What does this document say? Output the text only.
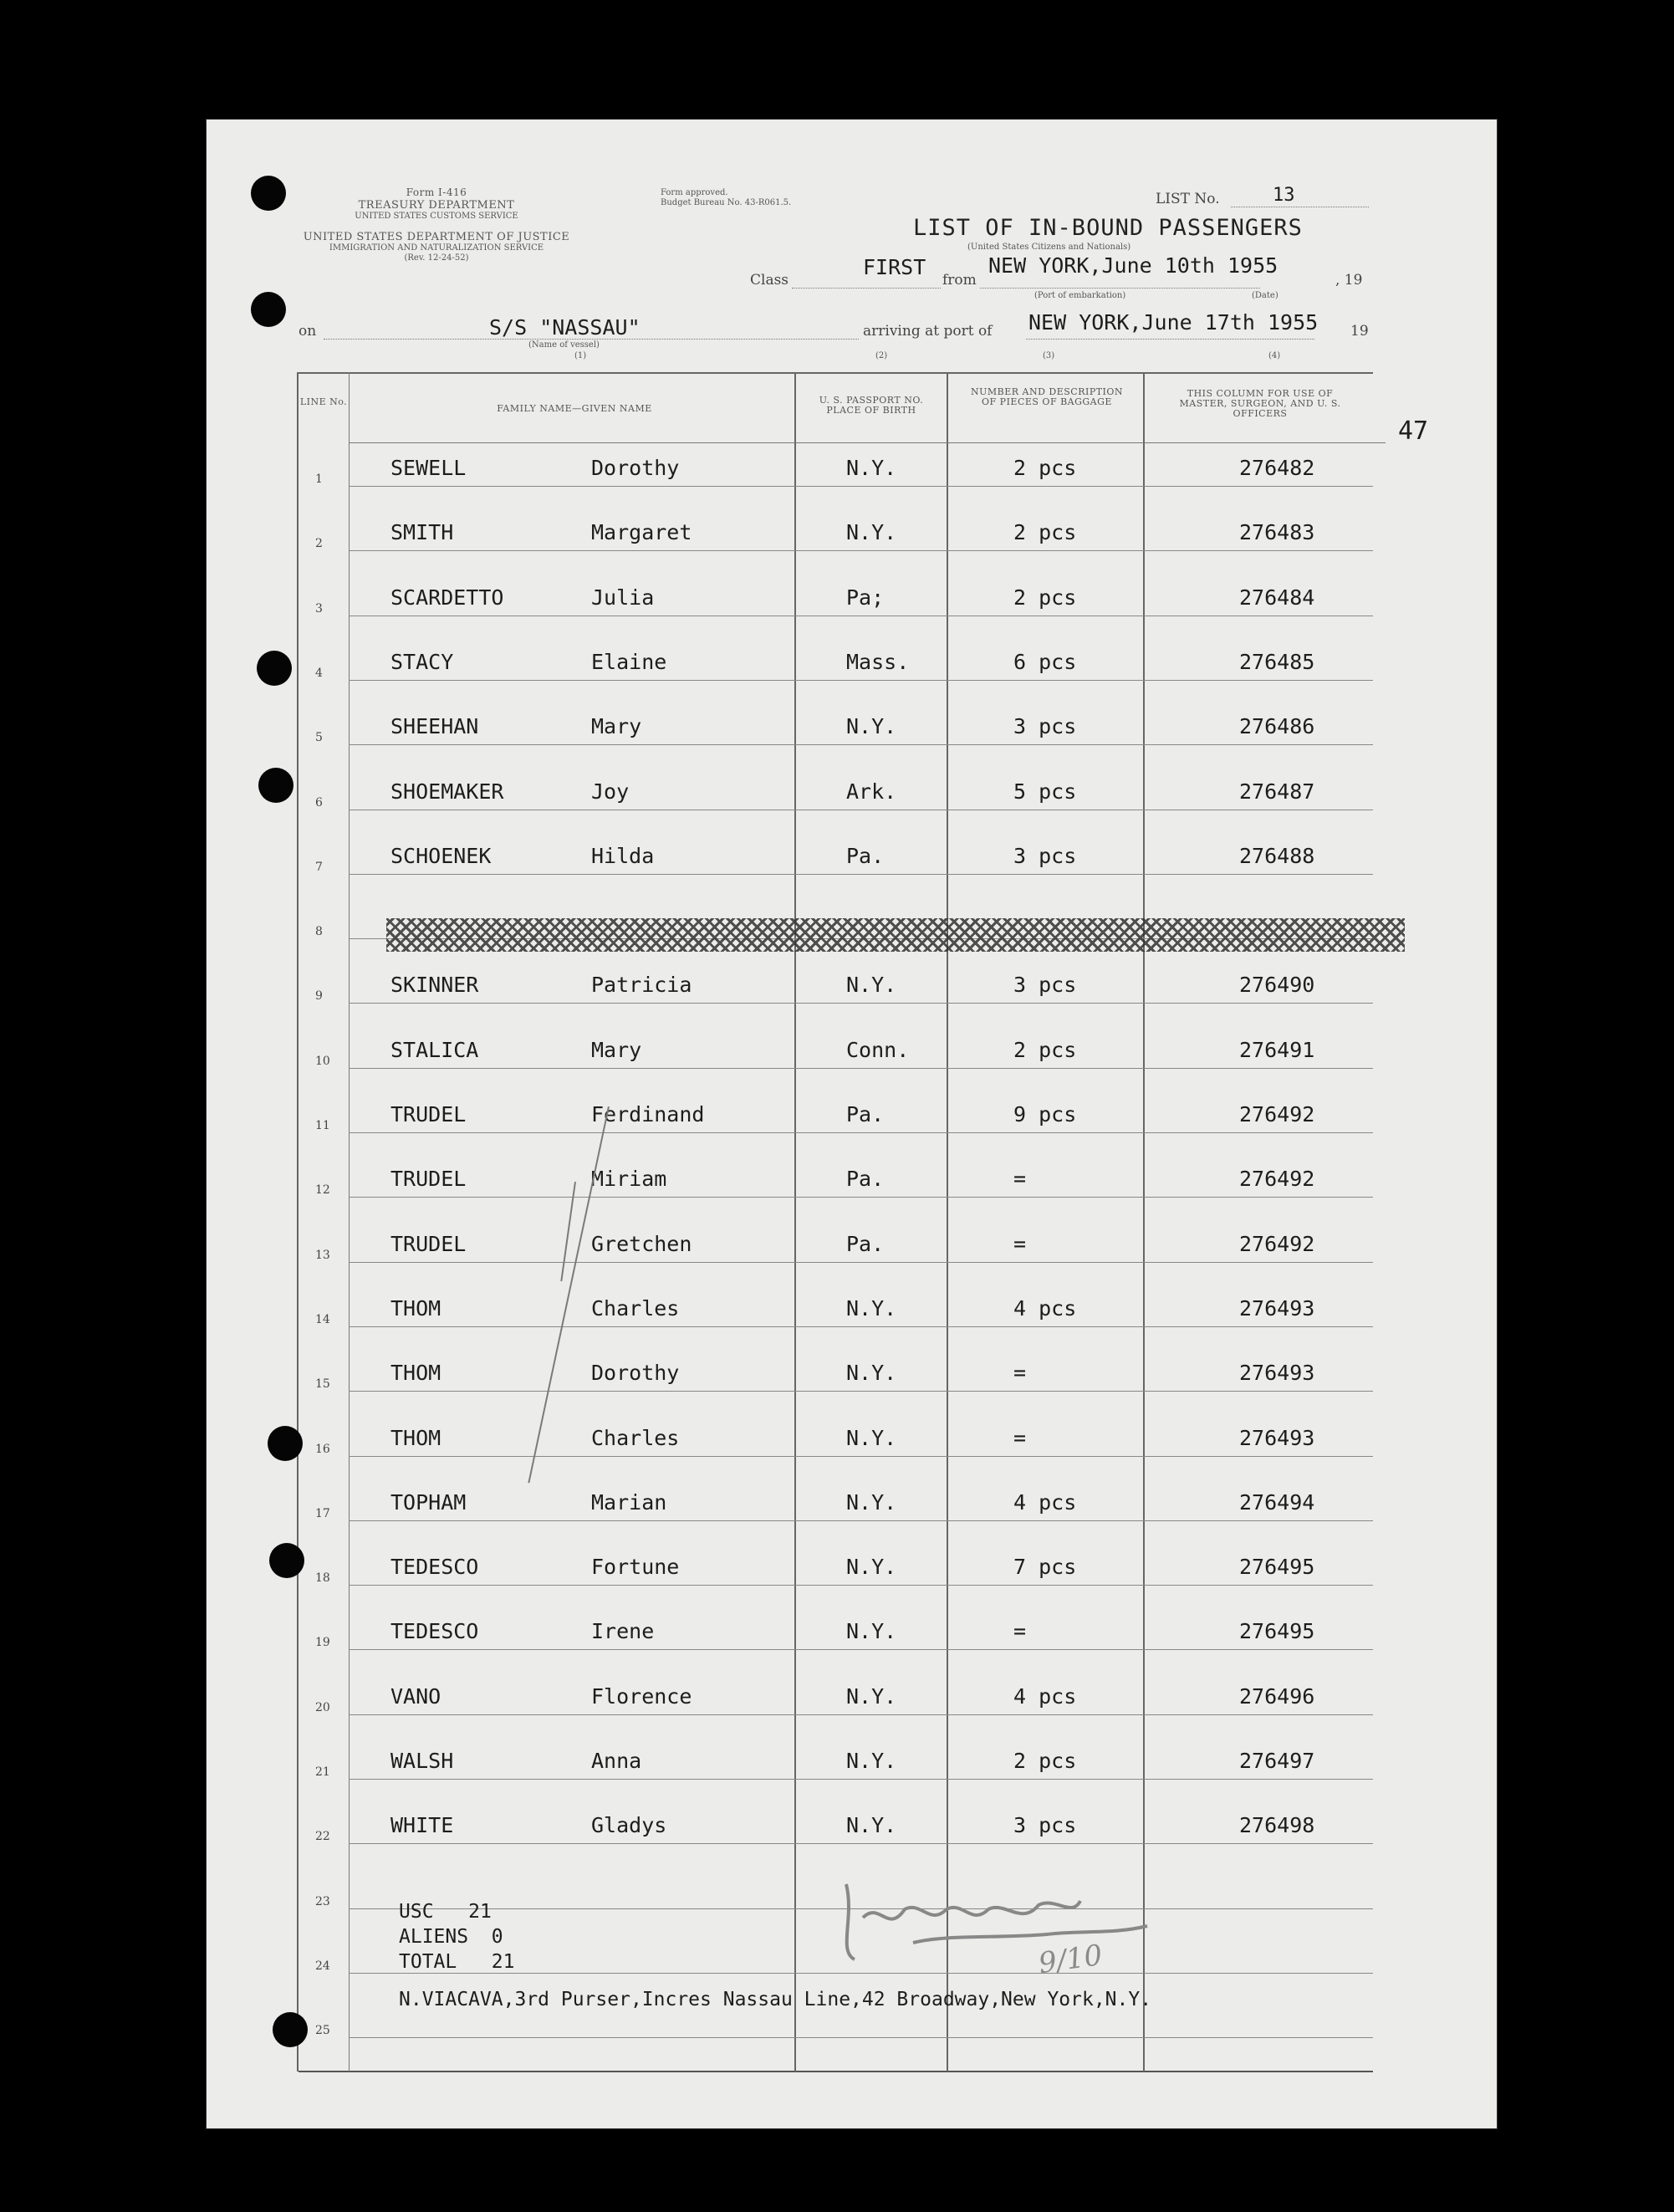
Form I-416
TREASURY DEPARTMENT
UNITED STATES CUSTOMS SERVICE
UNITED STATES DEPARTMENT OF JUSTICE
IMMIGRATION AND NATURALIZATION SERVICE
(Rev. 12-24-52)
Form approved.
Budget Bureau No. 43-R061.5.	LIST No.	13
LIST OF IN-BOUND PASSENGERS
(United States Citizens and Nationals)
Class
FIRST
from
NEW YORK,June 10th 1955
, 19
(Port of embarkation)	(Date)
on	S/S "NASSAU"
(Name of vessel)
(1)	(2)	(3)	(4)
arriving at port of NEW YORK,June 17th 1955 19
LINE No.
FAMILY NAME—GIVEN NAME
U. S. PASSPORT NO. PLACE OF BIRTH
NUMBER AND DESCRIPTION OF PIECES OF BAGGAGE
THIS COLUMN FOR USE OF MASTER, SURGEON, AND U. S. OFFICERS
47
1	SEWELL	Dorothy	N.Y.	2 pcs	276482
2	SMITH	Margaret	N.Y.	2 pcs	276483
3	SCARDETTO	Julia	Pa;	2 pcs	276484
4	STACY	Elaine	Mass.	6 pcs	276485
5	SHEEHAN	Mary	N.Y.	3 pcs	276486
6	SHOEMAKER	Joy	Ark.	5 pcs	276487
7	SCHOENEK	Hilda	Pa.	3 pcs	276488
8
9	SKINNER	Patricia	N.Y.	3 pcs	276490
10	STALICA	Mary	Conn.	2 pcs	276491
11	TRUDEL	Ferdinand	Pa.	9 pcs	276492
12	TRUDEL	Miriam	Pa.	=	276492
13	TRUDEL	Gretchen	Pa.	=	276492
14	THOM	Charles	N.Y.	4 pcs	276493
15	THOM	Dorothy	N.Y.	=	276493
16	THOM	Charles	N.Y.	=	276493
17	TOPHAM	Marian	N.Y.	4 pcs	276494
18	TEDESCO	Fortune	N.Y.	7 pcs	276495
19	TEDESCO	Irene	N.Y.	=	276495
20	VANO	Florence	N.Y.	4 pcs	276496
21	WALSH	Anna	N.Y.	2 pcs	276497
22	WHITE	Gladys	N.Y.	3 pcs	276498
23
24
25
USC 21
ALIENS 0
TOTAL 21	9/10
N.VIACAVA,3rd Purser,Incres Nassau Line,42 Broadway,New York,N.Y.
